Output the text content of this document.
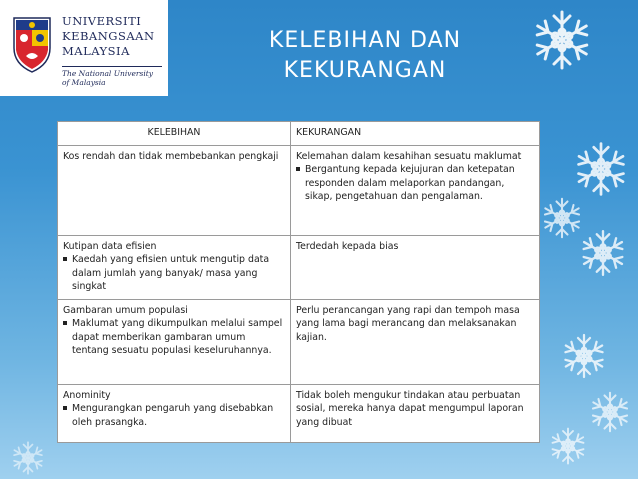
UNIVERSITI
KEBANGSAAN
MALAYSIA
The National University of Malaysia
KELEBIHAN DAN
KEKURANGAN
KELEBIHAN	KEKURANGAN

Kos rendah dan tidak membebankan pengkaji	Kelemahan dalam kesahihan sesuatu maklumat
Bergantung kepada kejujuran dan ketepatan responden dalam melaporkan pandangan, sikap, pengetahuan dan pengalaman.

Kutipan data efisien
Kaedah yang efisien untuk mengutip data dalam jumlah yang banyak/ masa yang singkat	Terdedah kepada bias

Gambaran umum populasi
Maklumat yang dikumpulkan melalui sampel dapat memberikan gambaran umum tentang sesuatu populasi keseluruhannya.	Perlu perancangan yang rapi dan tempoh masa yang lama bagi merancang dan melaksanakan kajian.

Anominity
Mengurangkan pengaruh yang disebabkan oleh prasangka.	Tidak boleh mengukur tindakan atau perbuatan sosial, mereka hanya dapat mengumpul laporan yang dibuat
